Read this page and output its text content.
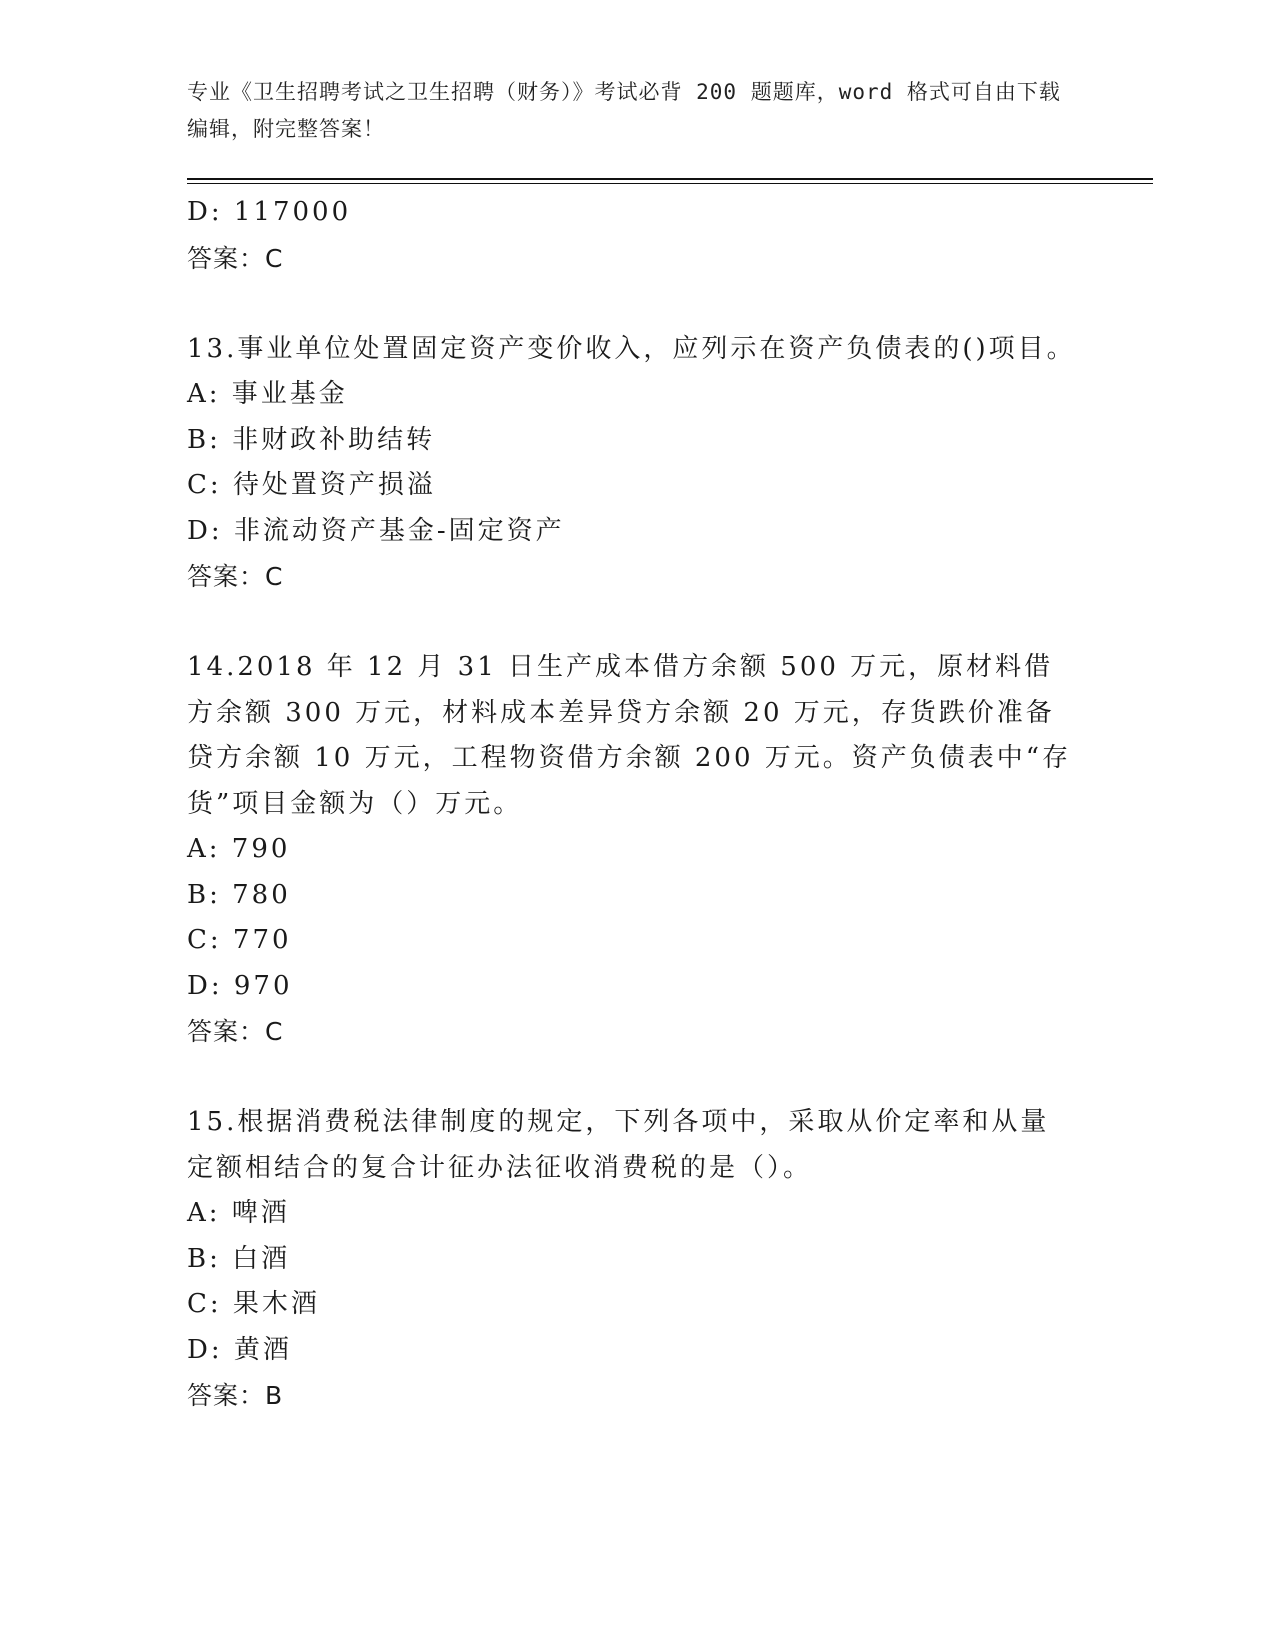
专业《卫生招聘考试之卫生招聘（财务）》考试必背 200 题题库，word 格式可自由下载编辑，附完整答案！
D: 117000
答案：C
13.事业单位处置固定资产变价收入，应列示在资产负债表的()项目。
A: 事业基金
B: 非财政补助结转
C: 待处置资产损溢
D: 非流动资产基金-固定资产
答案：C
14.2018 年 12 月 31 日生产成本借方余额 500 万元，原材料借方余额 300 万元，材料成本差异贷方余额 20 万元，存货跌价准备贷方余额 10 万元，工程物资借方余额 200 万元。资产负债表中“存货”项目金额为（）万元。
A: 790
B: 780
C: 770
D: 970
答案：C
15.根据消费税法律制度的规定，下列各项中，采取从价定率和从量定额相结合的复合计征办法征收消费税的是（）。
A: 啤酒
B: 白酒
C: 果木酒
D: 黄酒
答案：B
